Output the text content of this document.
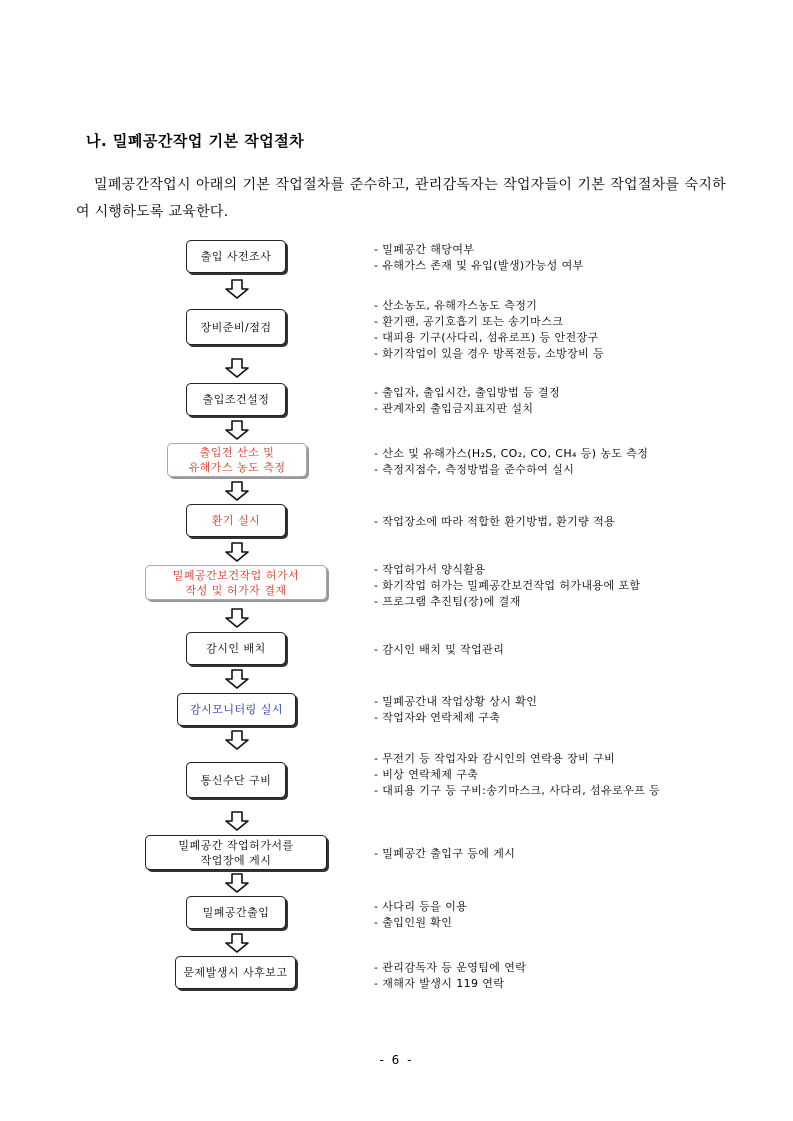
나. 밀폐공간작업 기본 작업절차
밀폐공간작업시 아래의 기본 작업절차를 준수하고, 관리감독자는 작업자들이 기본 작업절차를 숙지하여 시행하도록 교육한다.
출입 사전조사
- 밀폐공간 해당여부
- 유해가스 존재 및 유입(발생)가능성 여부
장비준비/점검
- 산소농도, 유해가스농도 측정기
- 환기팬, 공기호흡기 또는 송기마스크
- 대피용 기구(사다리, 섬유로프) 등 안전장구
- 화기작업이 있을 경우 방폭전등, 소방장비 등
출입조건설정
- 출입자, 출입시간, 출입방법 등 결정
- 관계자외 출입금지표지판 설치
출입전 산소 및
유해가스 농도 측정
- 산소 및 유해가스(H₂S, CO₂, CO, CH₄ 등) 농도 측정
- 측정지점수, 측정방법을 준수하여 실시
환기 실시	- 작업장소에 따라 적합한 환기방법, 환기량 적용
밀폐공간보건작업 허가서
작성 및 허가자 결재
- 작업허가서 양식활용
- 화기작업 허가는 밀폐공간보건작업 허가내용에 포함
- 프로그램 추진팀(장)에 결재
감시인 배치	- 감시인 배치 및 작업관리
감시모니터링 실시
- 밀폐공간내 작업상황 상시 확인
- 작업자와 연락체제 구축
통신수단 구비
- 무전기 등 작업자와 감시인의 연락용 장비 구비
- 비상 연락체제 구축
- 대피용 기구 등 구비:송기마스크, 사다리, 섬유로우프 등
밀폐공간 작업허가서를
작업장에 게시	- 밀폐공간 출입구 등에 게시
밀폐공간출입	- 사다리 등을 이용
- 출입인원 확인
문제발생시 사후보고	- 관리감독자 등 운영팀에 연락
- 재해자 발생시 119 연락
- 6 -
